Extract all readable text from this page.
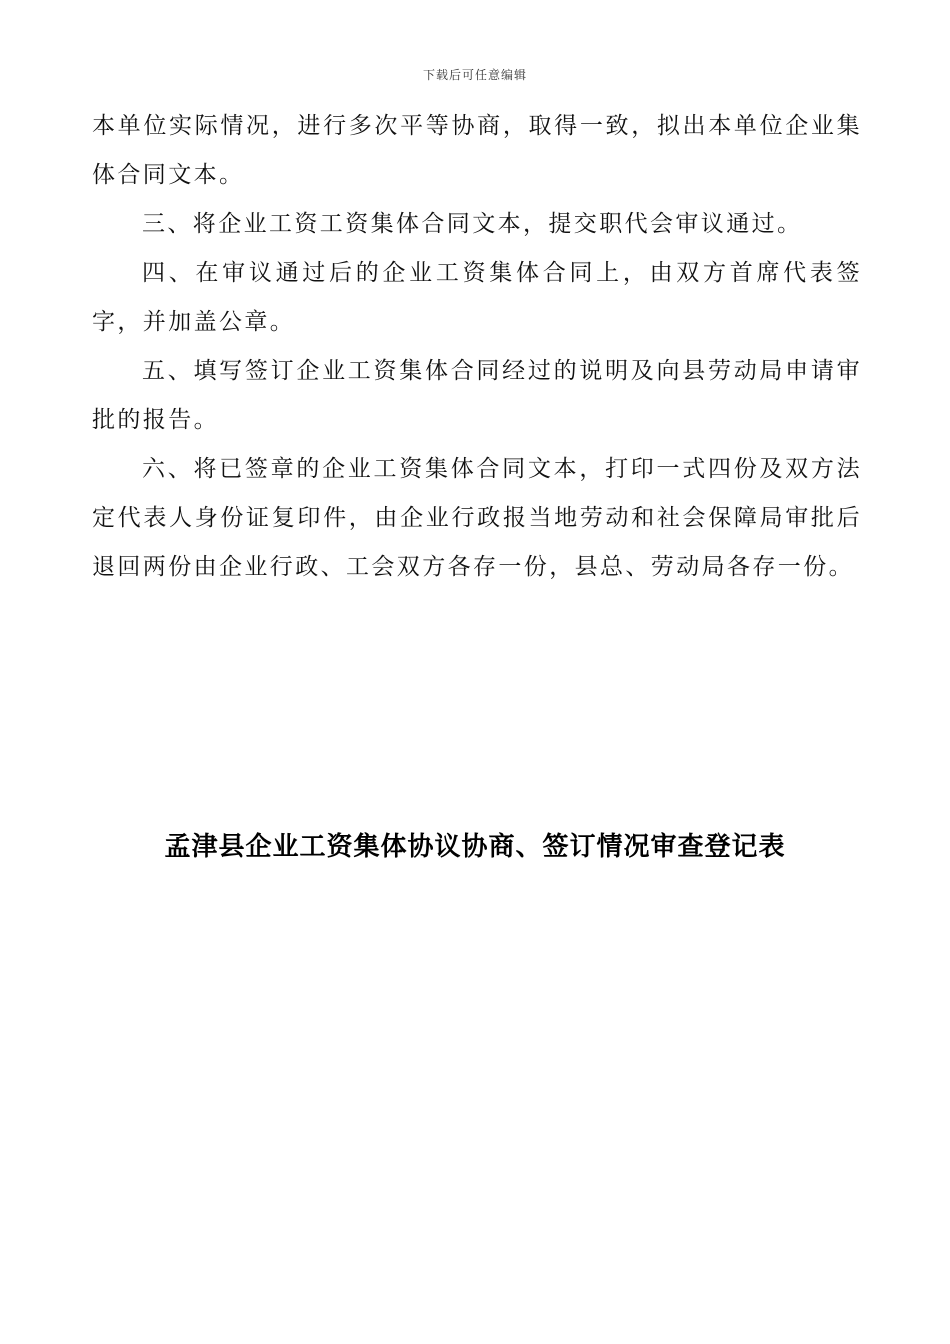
下载后可任意编辑

本单位实际情况，进行多次平等协商，取得一致，拟出本单位企业集体合同文本。

三、将企业工资工资集体合同文本，提交职代会审议通过。

四、在审议通过后的企业工资集体合同上，由双方首席代表签字，并加盖公章。

五、填写签订企业工资集体合同经过的说明及向县劳动局申请审批的报告。

六、将已签章的企业工资集体合同文本，打印一式四份及双方法定代表人身份证复印件，由企业行政报当地劳动和社会保障局审批后退回两份由企业行政、工会双方各存一份，县总、劳动局各存一份。

孟津县企业工资集体协议协商、签订情况审查登记表
